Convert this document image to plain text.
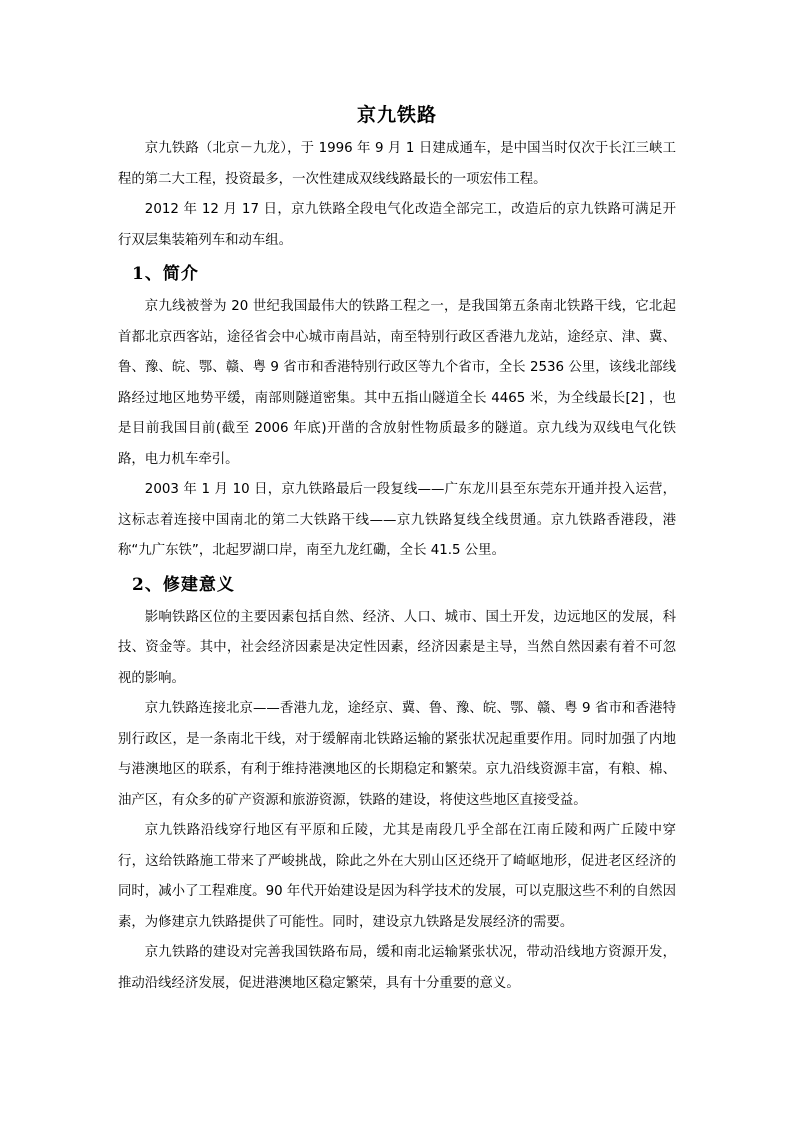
京九铁路

京九铁路（北京－九龙），于 1996 年 9 月 1 日建成通车，是中国当时仅次于长江三峡工程的第二大工程，投资最多，一次性建成双线线路最长的一项宏伟工程。

2012 年 12 月 17 日，京九铁路全段电气化改造全部完工，改造后的京九铁路可满足开行双层集装箱列车和动车组。

1、简介

京九线被誉为 20 世纪我国最伟大的铁路工程之一，是我国第五条南北铁路干线，它北起首都北京西客站，途径省会中心城市南昌站，南至特别行政区香港九龙站，途经京、津、冀、鲁、豫、皖、鄂、赣、粤 9 省市和香港特别行政区等九个省市，全长 2536 公里，该线北部线路经过地区地势平缓，南部则隧道密集。其中五指山隧道全长 4465 米，为全线最长[2] ，也是目前我国目前(截至 2006 年底)开凿的含放射性物质最多的隧道。京九线为双线电气化铁路，电力机车牵引。

2003 年 1 月 10 日，京九铁路最后一段复线——广东龙川县至东莞东开通并投入运营，这标志着连接中国南北的第二大铁路干线——京九铁路复线全线贯通。京九铁路香港段，港称“九广东铁”，北起罗湖口岸，南至九龙红磡，全长 41.5 公里。

2、修建意义

影响铁路区位的主要因素包括自然、经济、人口、城市、国土开发，边远地区的发展，科技、资金等。其中，社会经济因素是决定性因素，经济因素是主导，当然自然因素有着不可忽视的影响。

京九铁路连接北京——香港九龙，途经京、冀、鲁、豫、皖、鄂、赣、粤 9 省市和香港特别行政区，是一条南北干线，对于缓解南北铁路运输的紧张状况起重要作用。同时加强了内地与港澳地区的联系，有利于维持港澳地区的长期稳定和繁荣。京九沿线资源丰富，有粮、棉、油产区，有众多的矿产资源和旅游资源，铁路的建设，将使这些地区直接受益。

京九铁路沿线穿行地区有平原和丘陵，尤其是南段几乎全部在江南丘陵和两广丘陵中穿行，这给铁路施工带来了严峻挑战，除此之外在大别山区还绕开了崎岖地形，促进老区经济的同时，减小了工程难度。90 年代开始建设是因为科学技术的发展，可以克服这些不利的自然因素，为修建京九铁路提供了可能性。同时，建设京九铁路是发展经济的需要。

京九铁路的建设对完善我国铁路布局，缓和南北运输紧张状况，带动沿线地方资源开发，推动沿线经济发展，促进港澳地区稳定繁荣，具有十分重要的意义。
